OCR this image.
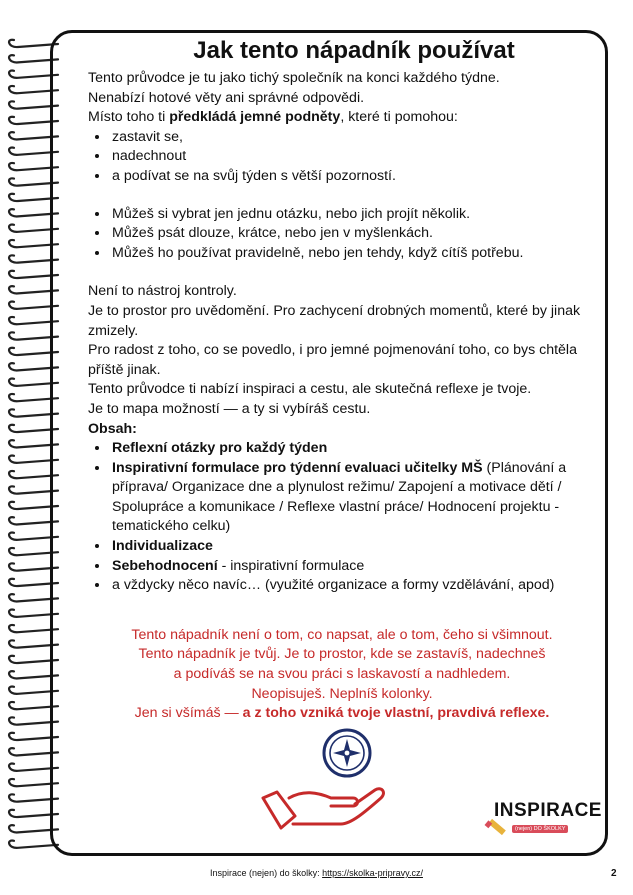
Jak tento nápadník používat

Tento průvodce je tu jako tichý společník na konci každého týdne.

Nenabízí hotové věty ani správné odpovědi.

Místo toho ti předkládá jemné podněty, které ti pomohou:

• zastavit se,
• nadechnout
• a podívat se na svůj týden s větší pozorností.
• Můžeš si vybrat jen jednu otázku, nebo jich projít několik.
• Můžeš psát dlouze, krátce, nebo jen v myšlenkách.
• Můžeš ho používat pravidelně, nebo jen tehdy, když cítíš potřebu.

Není to nástroj kontroly.

Je to prostor pro uvědomění. Pro zachycení drobných momentů, které by jinak zmizely.

Pro radost z toho, co se povedlo, i pro jemné pojmenování toho, co bys chtěla příště jinak.

Tento průvodce ti nabízí inspiraci a cestu, ale skutečná reflexe je tvoje.

Je to mapa možností — a ty si vybíráš cestu.

Obsah:

• Reflexní otázky pro každý týden
• Inspirativní formulace pro týdenní evaluaci učitelky MŠ (Plánování a příprava/ Organizace dne a plynulost režimu/ Zapojení a motivace dětí / Spolupráce a komunikace / Reflexe vlastní práce/ Hodnocení projektu - tematického celku)
• Individualizace
• Sebehodnocení - inspirativní formulace
• a vždycky něco navíc… (využité organizace a formy vzdělávání, apod)
Tento nápadník není o tom, co napsat, ale o tom, čeho si všimnout.
Tento nápadník je tvůj. Je to prostor, kde se zastavíš, nadechneš
a podíváš se na svou práci s laskavostí a nadhledem.
Neopisuješ. Neplníš kolonky.
Jen si všímáš — a z toho vzniká tvoje vlastní, pravdivá reflexe.
INSPIRACE
(nejen) DO ŠKOLKY
Inspirace (nejen) do školky: https://skolka-pripravy.cz/	2
